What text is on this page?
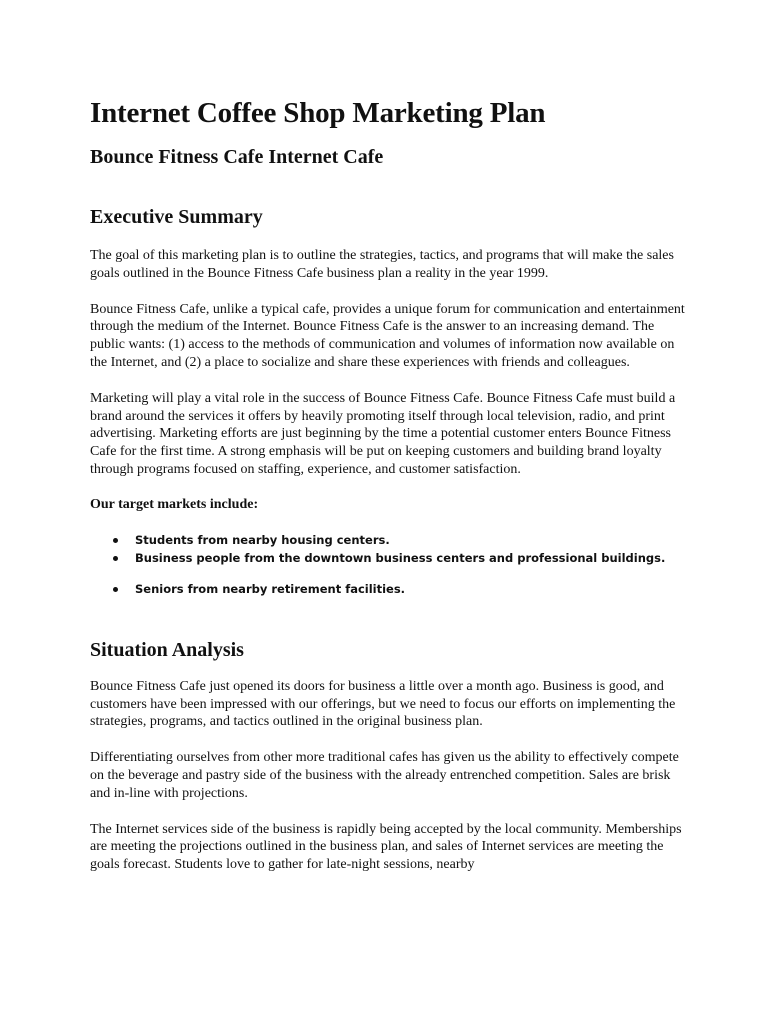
Internet Coffee Shop Marketing Plan
Bounce Fitness Cafe Internet Cafe
Executive Summary

The goal of this marketing plan is to outline the strategies, tactics, and programs that will make the sales goals outlined in the Bounce Fitness Cafe business plan a reality in the year 1999.

Bounce Fitness Cafe, unlike a typical cafe, provides a unique forum for communication and entertainment through the medium of the Internet. Bounce Fitness Cafe is the answer to an increasing demand. The public wants: (1) access to the methods of communication and volumes of information now available on the Internet, and (2) a place to socialize and share these experiences with friends and colleagues.

Marketing will play a vital role in the success of Bounce Fitness Cafe. Bounce Fitness Cafe must build a brand around the services it offers by heavily promoting itself through local television, radio, and print advertising. Marketing efforts are just beginning by the time a potential customer enters Bounce Fitness Cafe for the first time. A strong emphasis will be put on keeping customers and building brand loyalty through programs focused on staffing, experience, and customer satisfaction.

Our target markets include:

Students from nearby housing centers.
Business people from the downtown business centers and professional buildings.
Seniors from nearby retirement facilities.
Situation Analysis

Bounce Fitness Cafe just opened its doors for business a little over a month ago. Business is good, and customers have been impressed with our offerings, but we need to focus our efforts on implementing the strategies, programs, and tactics outlined in the original business plan.

Differentiating ourselves from other more traditional cafes has given us the ability to effectively compete on the beverage and pastry side of the business with the already entrenched competition. Sales are brisk and in-line with projections.

The Internet services side of the business is rapidly being accepted by the local community. Memberships are meeting the projections outlined in the business plan, and sales of Internet services are meeting the goals forecast. Students love to gather for late-night sessions, nearby
